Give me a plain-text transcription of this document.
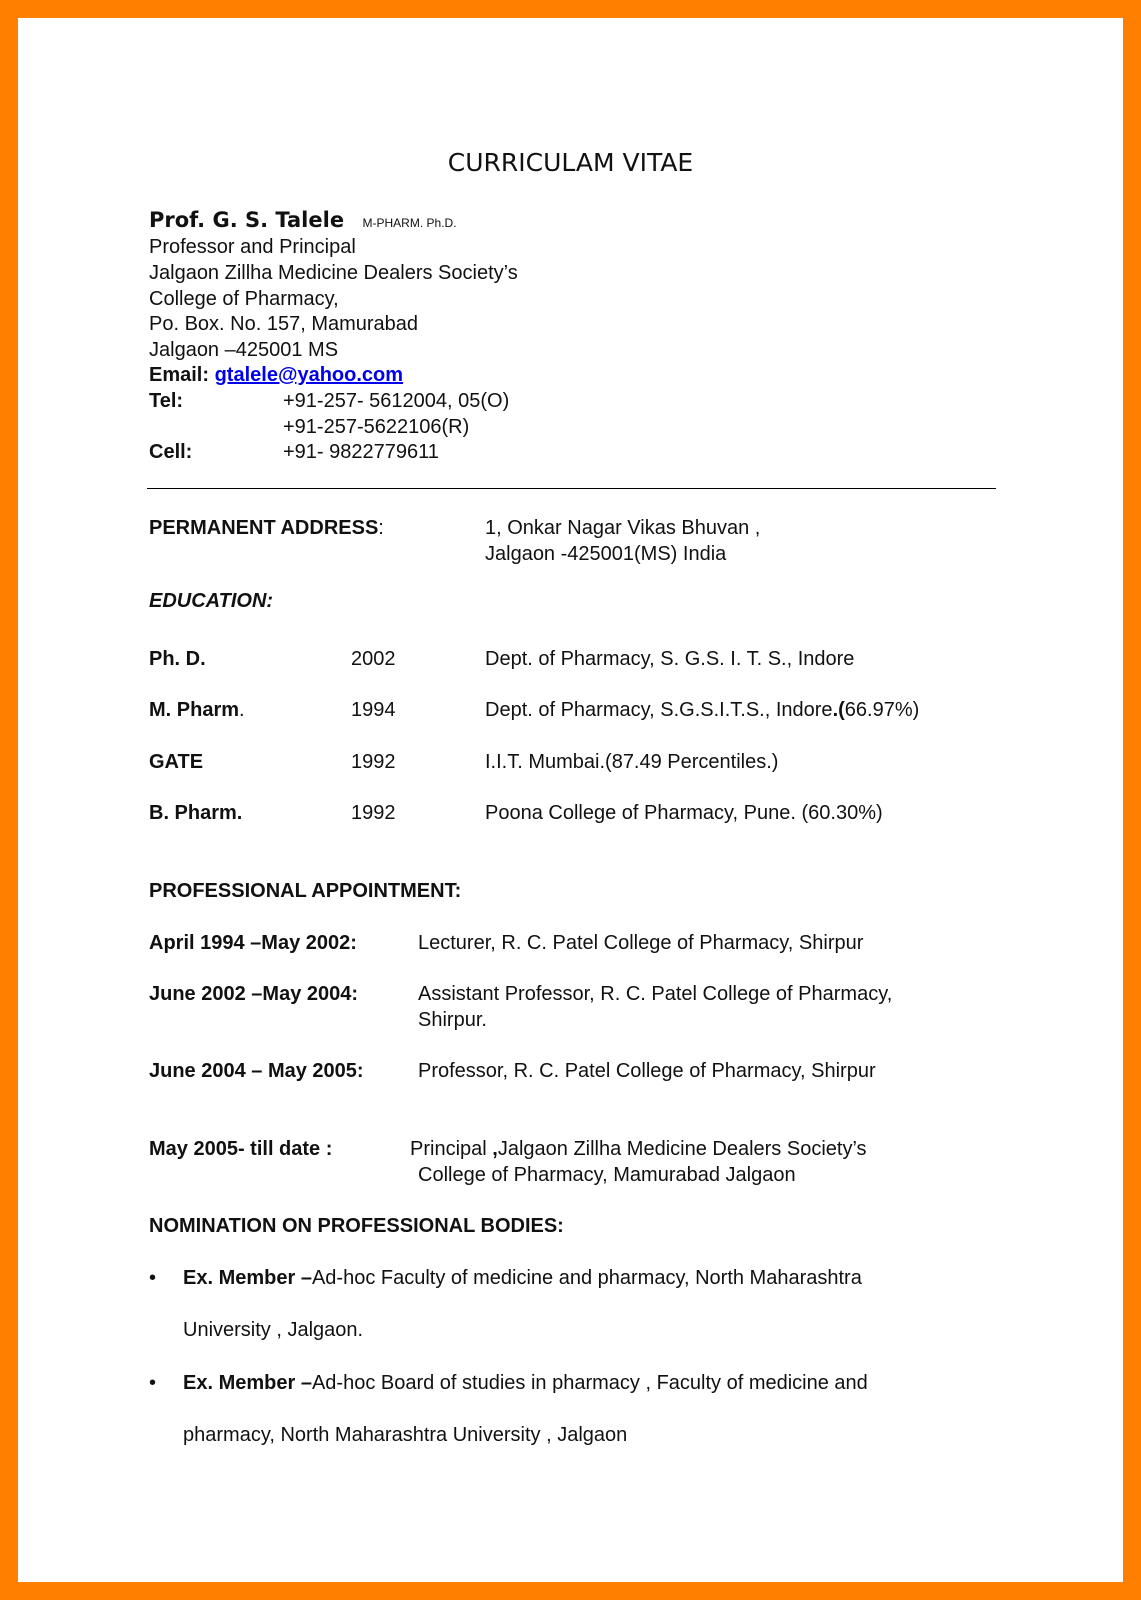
CURRICULAM VITAE
Prof. G. S. Talele M-PHARM. Ph.D.
Professor and Principal
Jalgaon Zillha Medicine Dealers Society’s
College of Pharmacy,
Po. Box. No. 157, Mamurabad
Jalgaon –425001 MS
Email: gtalele@yahoo.com
Tel:	+91-257- 5612004, 05(O)
+91-257-5622106(R)
Cell:	+91- 9822779611
PERMANENT ADDRESS:	1, Onkar Nagar Vikas Bhuvan ,
Jalgaon -425001(MS) India
EDUCATION:
Ph. D.	2002	Dept. of Pharmacy, S. G.S. I. T. S., Indore
M. Pharm.	1994	Dept. of Pharmacy, S.G.S.I.T.S., Indore.(66.97%)
GATE	1992	I.I.T. Mumbai.(87.49 Percentiles.)
B. Pharm.	1992	Poona College of Pharmacy, Pune. (60.30%)
PROFESSIONAL APPOINTMENT:
April 1994 –May 2002:	Lecturer, R. C. Patel College of Pharmacy, Shirpur
June 2002 –May 2004:	Assistant Professor, R. C. Patel College of Pharmacy,
Shirpur.
June 2004 – May 2005:	Professor, R. C. Patel College of Pharmacy, Shirpur
May 2005- till date :	Principal ,Jalgaon Zillha Medicine Dealers Society’s
College of Pharmacy, Mamurabad Jalgaon
NOMINATION ON PROFESSIONAL BODIES:
• Ex. Member –Ad-hoc Faculty of medicine and pharmacy, North Maharashtra
University , Jalgaon.
• Ex. Member –Ad-hoc Board of studies in pharmacy , Faculty of medicine and
pharmacy, North Maharashtra University , Jalgaon
